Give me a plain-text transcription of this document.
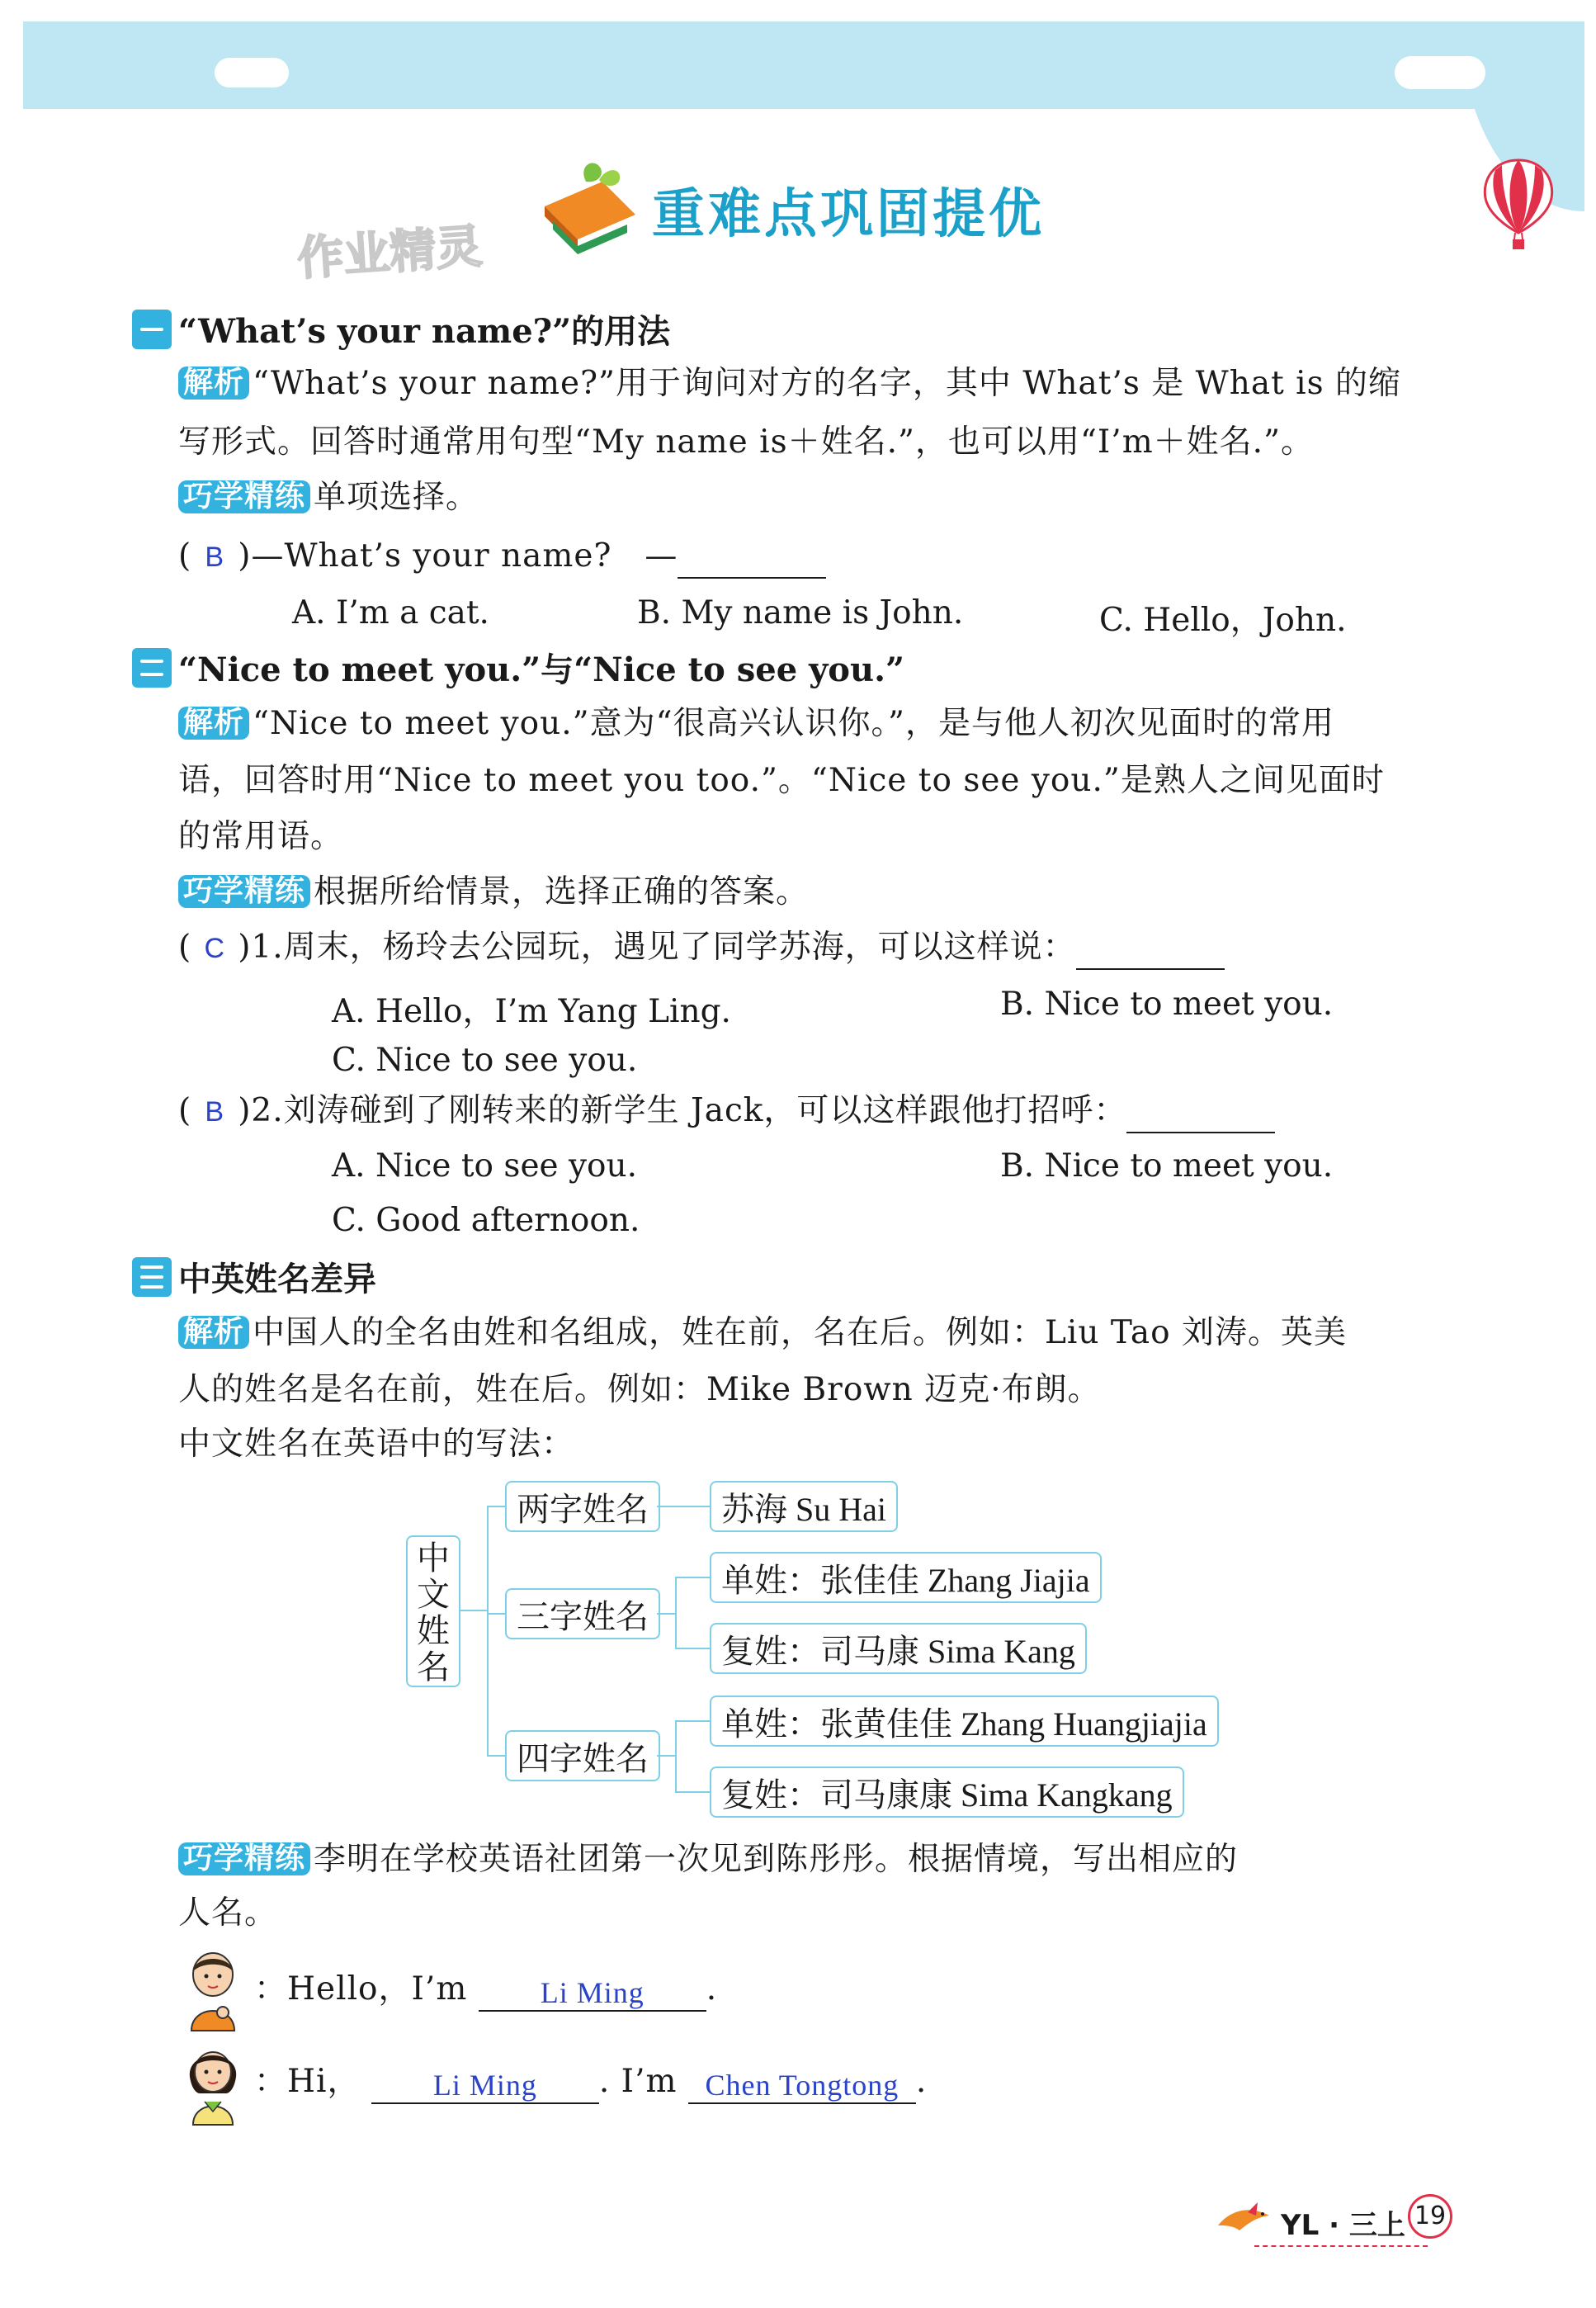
作业精灵
重难点巩固提优
“What’s your name?”的用法
解析 “What’s your name?”用于询问对方的名字，其中 What’s 是 What is 的缩
写形式。回答时通常用句型“My name is＋姓名.”，也可以用“I’m＋姓名.”。
巧学精练 单项选择。
( B )—What’s your name?　—
A. I’m a cat.	B. My name is John.	C. Hello，John.
“Nice to meet you.”与“Nice to see you.”
解析 “Nice to meet you.”意为“很高兴认识你。”，是与他人初次见面时的常用
语，回答时用“Nice to meet you too.”。“Nice to see you.”是熟人之间见面时
的常用语。
巧学精练 根据所给情景，选择正确的答案。
( C )1.周末，杨玲去公园玩，遇见了同学苏海，可以这样说：
A. Hello，I’m Yang Ling.	B. Nice to meet you.
C. Nice to see you.
( B )2.刘涛碰到了刚转来的新学生 Jack，可以这样跟他打招呼：
A. Nice to see you.	B. Nice to meet you.
C. Good afternoon.
中英姓名差异
解析 中国人的全名由姓和名组成，姓在前，名在后。例如：Liu Tao 刘涛。英美
人的姓名是名在前，姓在后。例如：Mike Brown 迈克·布朗。
中文姓名在英语中的写法：
中
文
姓
名
两字姓名	苏海 Su Hai
三字姓名
单姓：张佳佳 Zhang Jiajia
复姓：司马康 Sima Kang
四字姓名
单姓：张黄佳佳 Zhang Huangjiajia
复姓：司马康康 Sima Kangkang
巧学精练 李明在学校英语社团第一次见到陈彤彤。根据情境，写出相应的
人名。
：Hello，I’m Li Ming .
：Hi， Li Ming . I’m Chen Tongtong .
YL · 三上 19
